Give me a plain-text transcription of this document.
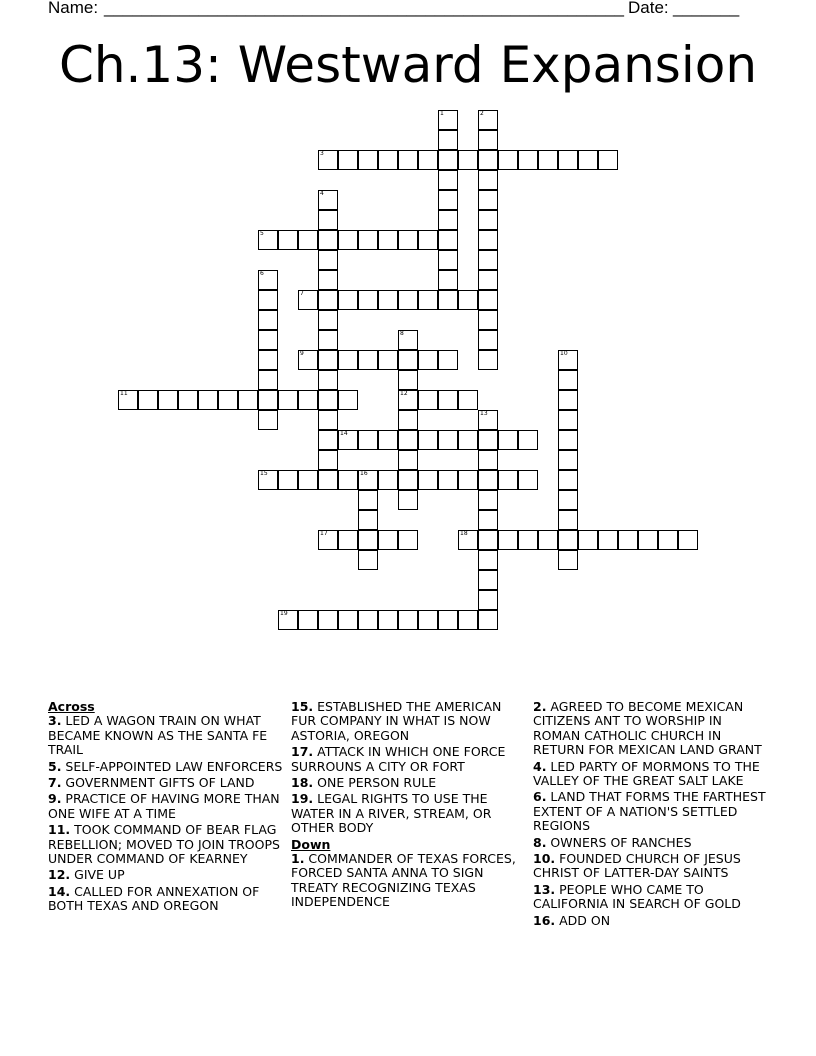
Name: _______________________________________________________ Date: _______
Ch.13: Westward Expansion
3
5
7
9
11	12
14
15	16
17	18
19
1	2
4
6
8
10
13
Across
3. LED A WAGON TRAIN ON WHAT BECAME KNOWN AS THE SANTA FE TRAIL
5. SELF-APPOINTED LAW ENFORCERS
7. GOVERNMENT GIFTS OF LAND
9. PRACTICE OF HAVING MORE THAN ONE WIFE AT A TIME
11. TOOK COMMAND OF BEAR FLAG REBELLION; MOVED TO JOIN TROOPS UNDER COMMAND OF KEARNEY
12. GIVE UP
14. CALLED FOR ANNEXATION OF BOTH TEXAS AND OREGON
15. ESTABLISHED THE AMERICAN FUR COMPANY IN WHAT IS NOW ASTORIA, OREGON
17. ATTACK IN WHICH ONE FORCE SURROUNS A CITY OR FORT
18. ONE PERSON RULE
19. LEGAL RIGHTS TO USE THE WATER IN A RIVER, STREAM, OR OTHER BODY
Down
1. COMMANDER OF TEXAS FORCES, FORCED SANTA ANNA TO SIGN TREATY RECOGNIZING TEXAS INDEPENDENCE
2. AGREED TO BECOME MEXICAN CITIZENS ANT TO WORSHIP IN ROMAN CATHOLIC CHURCH IN RETURN FOR MEXICAN LAND GRANT
4. LED PARTY OF MORMONS TO THE VALLEY OF THE GREAT SALT LAKE
6. LAND THAT FORMS THE FARTHEST EXTENT OF A NATION'S SETTLED REGIONS
8. OWNERS OF RANCHES
10. FOUNDED CHURCH OF JESUS CHRIST OF LATTER-DAY SAINTS
13. PEOPLE WHO CAME TO CALIFORNIA IN SEARCH OF GOLD
16. ADD ON
